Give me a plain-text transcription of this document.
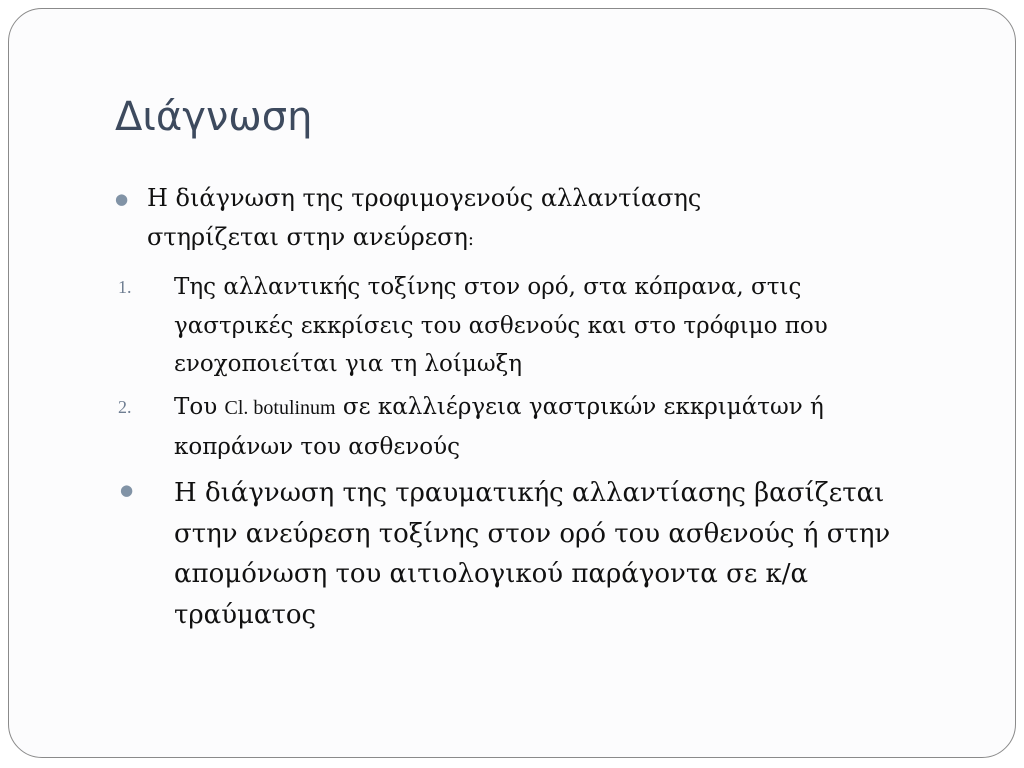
Διάγνωση
● Η διάγνωση της τροφιμογενούς αλλαντίασης
στηρίζεται στην ανεύρεση:
1. Της αλλαντικής τοξίνης στον ορό, στα κόπρανα, στις
γαστρικές εκκρίσεις του ασθενούς και στο τρόφιμο που
ενοχοποιείται για τη λοίμωξη
2. Του Cl. botulinum σε καλλιέργεια γαστρικών εκκριμάτων ή
κοπράνων του ασθενούς
● Η διάγνωση της τραυματικής αλλαντίασης βασίζεται
στην ανεύρεση τοξίνης στον ορό του ασθενούς ή στην
απομόνωση του αιτιολογικού παράγοντα σε κ/α
τραύματος
